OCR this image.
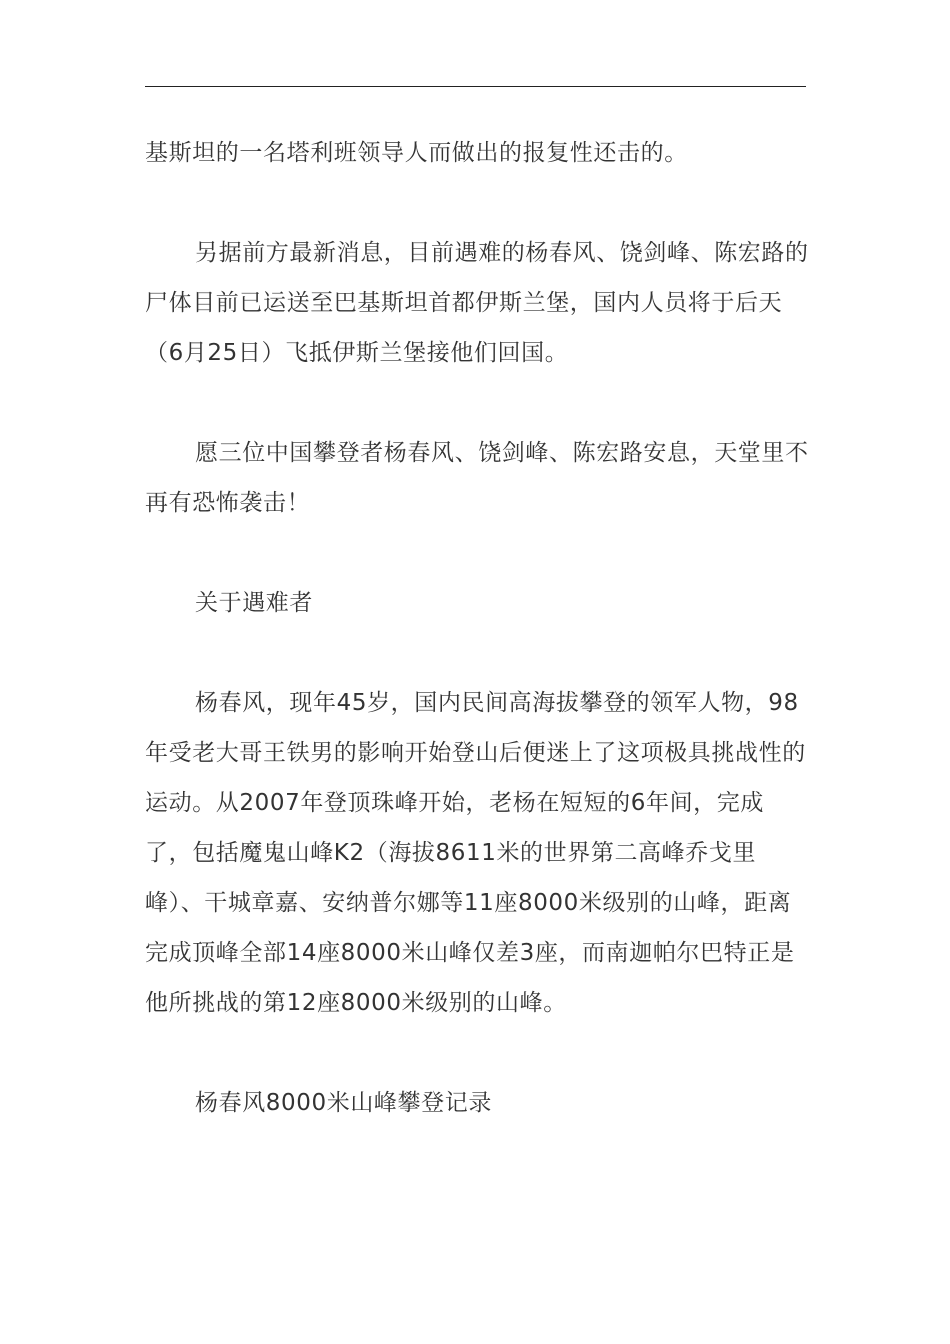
基斯坦的一名塔利班领导人而做出的报复性还击的。

另据前方最新消息，目前遇难的杨春风、饶剑峰、陈宏路的尸体目前已运送至巴基斯坦首都伊斯兰堡，国内人员将于后天（6月25日）飞抵伊斯兰堡接他们回国。

愿三位中国攀登者杨春风、饶剑峰、陈宏路安息，天堂里不再有恐怖袭击！

关于遇难者

杨春风，现年45岁，国内民间高海拔攀登的领军人物，98年受老大哥王铁男的影响开始登山后便迷上了这项极具挑战性的运动。从2007年登顶珠峰开始，老杨在短短的6年间，完成了，包括魔鬼山峰K2（海拔8611米的世界第二高峰乔戈里峰）、干城章嘉、安纳普尔娜等11座8000米级别的山峰，距离完成顶峰全部14座8000米山峰仅差3座，而南迦帕尔巴特正是他所挑战的第12座8000米级别的山峰。

杨春风8000米山峰攀登记录
